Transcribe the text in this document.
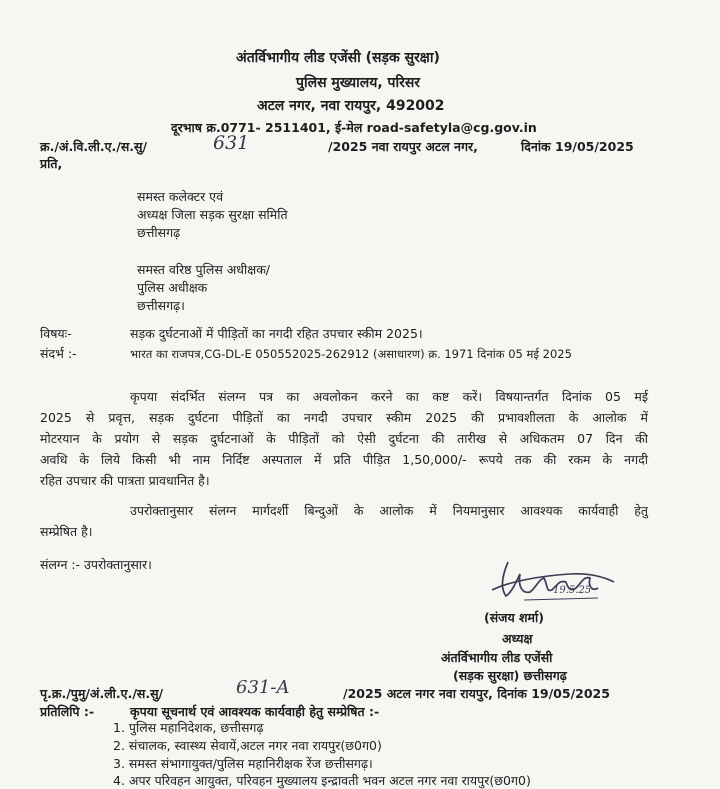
अंतर्विभागीय लीड एजेंसी (सड़क सुरक्षा)
पुलिस मुख्यालय, परिसर
अटल नगर, नवा रायपुर, 492002
दूरभाष क्र.0771- 2511401, ई-मेल road-safetyla@cg.gov.in
क्र./अं.वि.ली.ए./स.सु/	631	/2025 नवा रायपुर अटल नगर,	दिनांक 19/05/2025
प्रति,
समस्त कलेक्टर एवं
अध्यक्ष जिला सड़क सुरक्षा समिति
छत्तीसगढ़
समस्त वरिष्ठ पुलिस अधीक्षक/
पुलिस अधीक्षक
छत्तीसगढ़।
विषयः-	सड़क दुर्घटनाओं में पीड़ितों का नगदी रहित उपचार स्कीम 2025।
संदर्भ :-	भारत का राजपत्र,CG-DL-E 050552025-262912 (असाधारण) क्र. 1971 दिनांक 05 मई 2025
कृपया संदर्भित संलग्न पत्र का अवलोकन करने का कष्ट करें। विषयान्तर्गत दिनांक 05 मई
2025 से प्रवृत्त, सड़क दुर्घटना पीड़ितों का नगदी उपचार स्कीम 2025 की प्रभावशीलता के आलोक में
मोटरयान के प्रयोग से सड़क दुर्घटनाओं के पीड़ितों को ऐसी दुर्घटना की तारीख से अधिकतम 07 दिन की
अवधि के लिये किसी भी नाम निर्दिष्ट अस्पताल में प्रति पीड़ित 1,50,000/- रूपये तक की रकम के नगदी
रहित उपचार की पात्रता प्रावधानित है।
उपरोक्तानुसार संलग्न मार्गदर्शी बिन्दुओं के आलोक में नियमानुसार आवश्यक कार्यवाही हेतु
सम्प्रेषित है।
संलग्न :- उपरोक्तानुसार।
19.5.25
(संजय शर्मा)
अध्यक्ष
अंतर्विभागीय लीड एजेंसी
(सड़क सुरक्षा) छत्तीसगढ़
पृ.क्र./पुमु/अं.ली.ए./स.सु/	631-A	/2025 अटल नगर नवा रायपुर, दिनांक 19/05/2025
प्रतिलिपि :-	कृपया सूचनार्थ एवं आवश्यक कार्यवाही हेतु सम्प्रेषित :-
1. पुलिस महानिदेशक, छत्तीसगढ़
2. संचालक, स्वास्थ्य सेवायें,अटल नगर नवा रायपुर(छ0ग0)
3. समस्त संभागायुक्त/पुलिस महानिरीक्षक रेंज छत्तीसगढ़।
4. अपर परिवहन आयुक्त, परिवहन मुख्यालय इन्द्रावती भवन अटल नगर नवा रायपुर(छ0ग0)
